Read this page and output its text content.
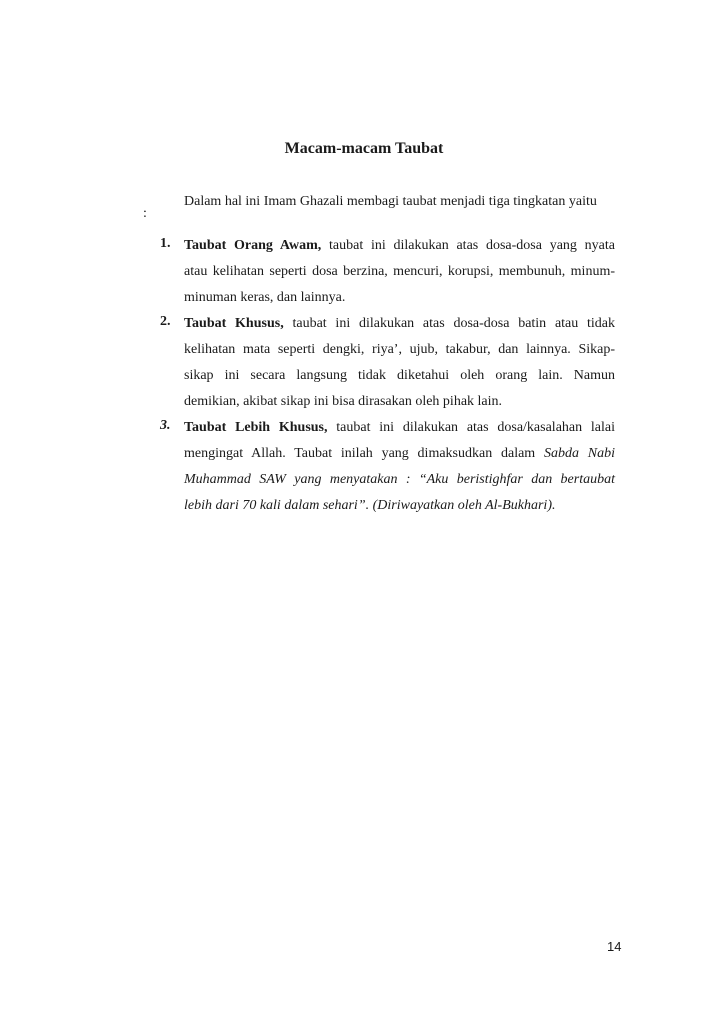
Macam-macam Taubat
Dalam hal ini Imam Ghazali membagi taubat menjadi tiga tingkatan yaitu
:
1. Taubat Orang Awam, taubat ini dilakukan atas dosa-dosa yang nyata
atau kelihatan seperti dosa berzina, mencuri, korupsi, membunuh, minum-
minuman keras, dan lainnya.
2. Taubat Khusus, taubat ini dilakukan atas dosa-dosa batin atau tidak
kelihatan mata seperti dengki, riya’, ujub, takabur, dan lainnya. Sikap-
sikap ini secara langsung tidak diketahui oleh orang lain. Namun
demikian, akibat sikap ini bisa dirasakan oleh pihak lain.
3. Taubat Lebih Khusus, taubat ini dilakukan atas dosa/kasalahan lalai
mengingat Allah. Taubat inilah yang dimaksudkan dalam Sabda Nabi
Muhammad SAW yang menyatakan : “Aku beristighfar dan bertaubat
lebih dari 70 kali dalam sehari”. (Diriwayatkan oleh Al-Bukhari).
14
